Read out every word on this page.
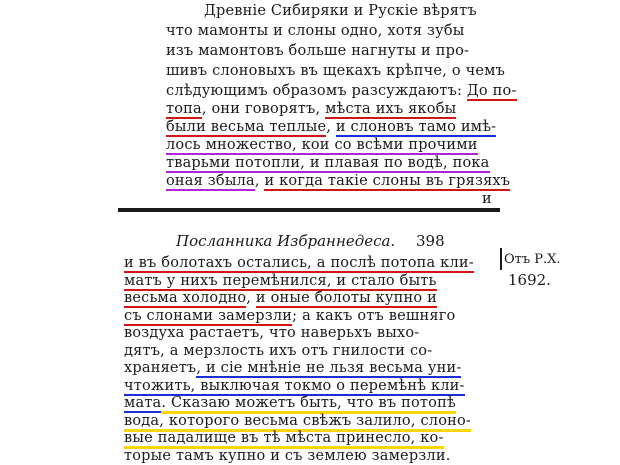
Древніе Сибиряки и Рускіе вѣрятъ
что мамонты и слоны одно, хотя зубы
изъ мамонтовъ больше нагнуты и про-
шивъ слоновыхъ въ щекахъ крѣпче, о чемъ
слѣдующимъ образомъ разсуждаютъ: До по-
топа, они говорятъ, мѣста ихъ якобы
были весьма теплые, и слоновъ тамо имѣ-
лось множество, кои со всѣми прочими
тварьми потопли, и плавая по водѣ, пока
оная збыла, и когда такіе слоны въ грязяхъ
и
Посланника Избраннедеса. 398
и въ болотахъ остались, а послѣ потопа кли-
матъ у нихъ перемѣнился, и стало быть
весьма холодно, и оные болоты купно и
съ слонами замерзли; а какъ отъ вешняго
воздуха растаетъ, что наверьхъ выхо-
дятъ, а мерзлость ихъ отъ гнилости со-
храняетъ, и сіе мнѣніе не льзя весьма уни-
чтожить, выключая токмо о перемѣнѣ кли-
мата. Сказаю можетъ быть, что въ потопѣ
вода, которого весьма свѣжъ залило, слоно-
вые падалище въ тѣ мѣста принесло, ко-
торые тамъ купно и съ землею замерзли.
Отъ Р.Х.
1692.
